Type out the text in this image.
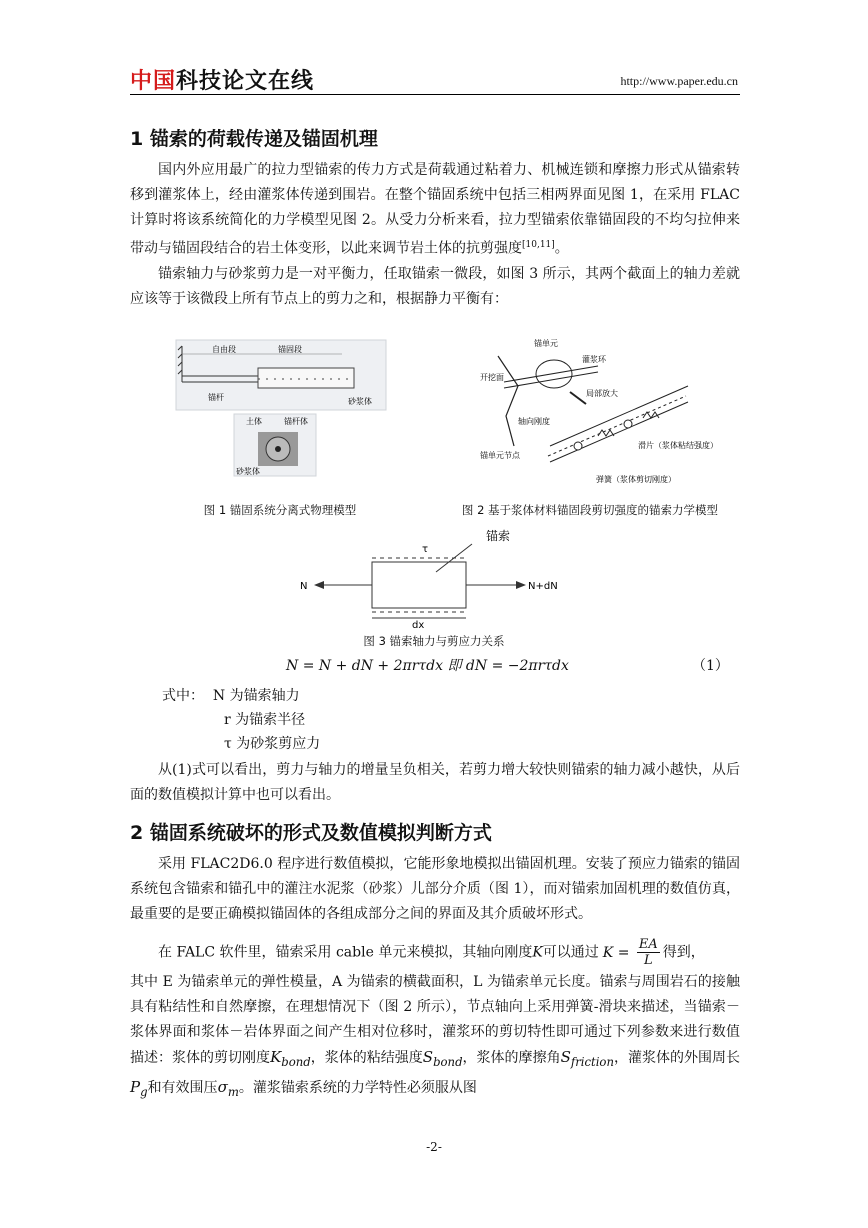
中国科技论文在线	http://www.paper.edu.cn
1 锚索的荷载传递及锚固机理

国内外应用最广的拉力型锚索的传力方式是荷载通过粘着力、机械连锁和摩擦力形式从锚索转移到灌浆体上，经由灌浆体传递到围岩。在整个锚固系统中包括三相两界面见图 1，在采用 FLAC 计算时将该系统简化的力学模型见图 2。从受力分析来看，拉力型锚索依靠锚固段的不均匀拉伸来带动与锚固段结合的岩土体变形，以此来调节岩土体的抗剪强度[10,11]。

锚索轴力与砂浆剪力是一对平衡力，任取锚索一微段，如图 3 所示，其两个截面上的轴力差就应该等于该微段上所有节点上的剪力之和，根据静力平衡有：

自由段	锚固段
锚杆	砂浆体
土体	锚杆体
砂浆体
锚单元
灌浆环
开挖面
局部放大
轴向刚度
锚单元节点
滑片（浆体粘结强度）
弹簧（浆体剪切刚度）
图 1 锚固系统分离式物理模型	图 2 基于浆体材料锚固段剪切强度的锚索力学模型
锚索
τ
N	N+dN
dx
图 3 锚索轴力与剪应力关系
N = N + dN + 2πrτdx 即 dN = −2πrτdx	（1）
式中： N 为锚索轴力
r 为锚索半径
τ 为砂浆剪应力

从(1)式可以看出，剪力与轴力的增量呈负相关，若剪力增大较快则锚索的轴力减小越快，从后面的数值模拟计算中也可以看出。

2 锚固系统破坏的形式及数值模拟判断方式

采用 FLAC2D6.0 程序进行数值模拟，它能形象地模拟出锚固机理。安装了预应力锚索的锚固系统包含锚索和锚孔中的灌注水泥浆（砂浆）儿部分介质（图 1），而对锚索加固机理的数值仿真，最重要的是要正确模拟锚固体的各组成部分之间的界面及其介质破坏形式。

在 FALC 软件里，锚索采用 cable 单元来模拟，其轴向刚度K可以通过 $K = \frac{EA}{L}$ 得到，

其中 E 为锚索单元的弹性模量，A 为锚索的横截面积，L 为锚索单元长度。锚索与周围岩石的接触具有粘结性和自然摩擦，在理想情况下（图 2 所示），节点轴向上采用弹簧-滑块来描述，当锚索－浆体界面和浆体－岩体界面之间产生相对位移时，灌浆环的剪切特性即可通过下列参数来进行数值描述：浆体的剪切刚度$K_{bond}$，浆体的粘结强度$S_{bond}$，浆体的摩擦角$S_{friction}$，灌浆体的外围周长$P_g$和有效围压$\sigma_m$。灌浆锚索系统的力学特性必须服从图

-2-
